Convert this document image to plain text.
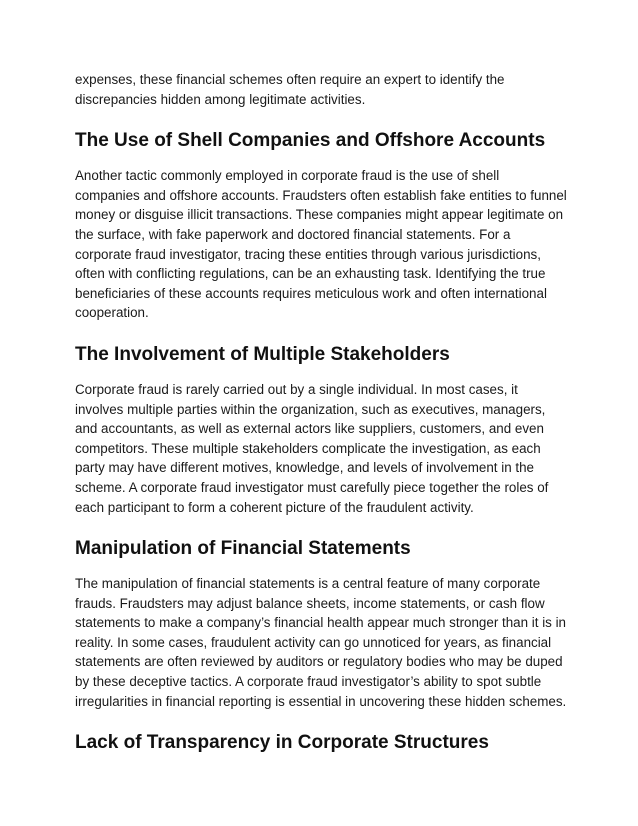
expenses, these financial schemes often require an expert to identify the discrepancies hidden among legitimate activities.

The Use of Shell Companies and Offshore Accounts

Another tactic commonly employed in corporate fraud is the use of shell companies and offshore accounts. Fraudsters often establish fake entities to funnel money or disguise illicit transactions. These companies might appear legitimate on the surface, with fake paperwork and doctored financial statements. For a corporate fraud investigator, tracing these entities through various jurisdictions, often with conflicting regulations, can be an exhausting task. Identifying the true beneficiaries of these accounts requires meticulous work and often international cooperation.

The Involvement of Multiple Stakeholders

Corporate fraud is rarely carried out by a single individual. In most cases, it involves multiple parties within the organization, such as executives, managers, and accountants, as well as external actors like suppliers, customers, and even competitors. These multiple stakeholders complicate the investigation, as each party may have different motives, knowledge, and levels of involvement in the scheme. A corporate fraud investigator must carefully piece together the roles of each participant to form a coherent picture of the fraudulent activity.

Manipulation of Financial Statements

The manipulation of financial statements is a central feature of many corporate frauds. Fraudsters may adjust balance sheets, income statements, or cash flow statements to make a company’s financial health appear much stronger than it is in reality. In some cases, fraudulent activity can go unnoticed for years, as financial statements are often reviewed by auditors or regulatory bodies who may be duped by these deceptive tactics. A corporate fraud investigator’s ability to spot subtle irregularities in financial reporting is essential in uncovering these hidden schemes.

Lack of Transparency in Corporate Structures
